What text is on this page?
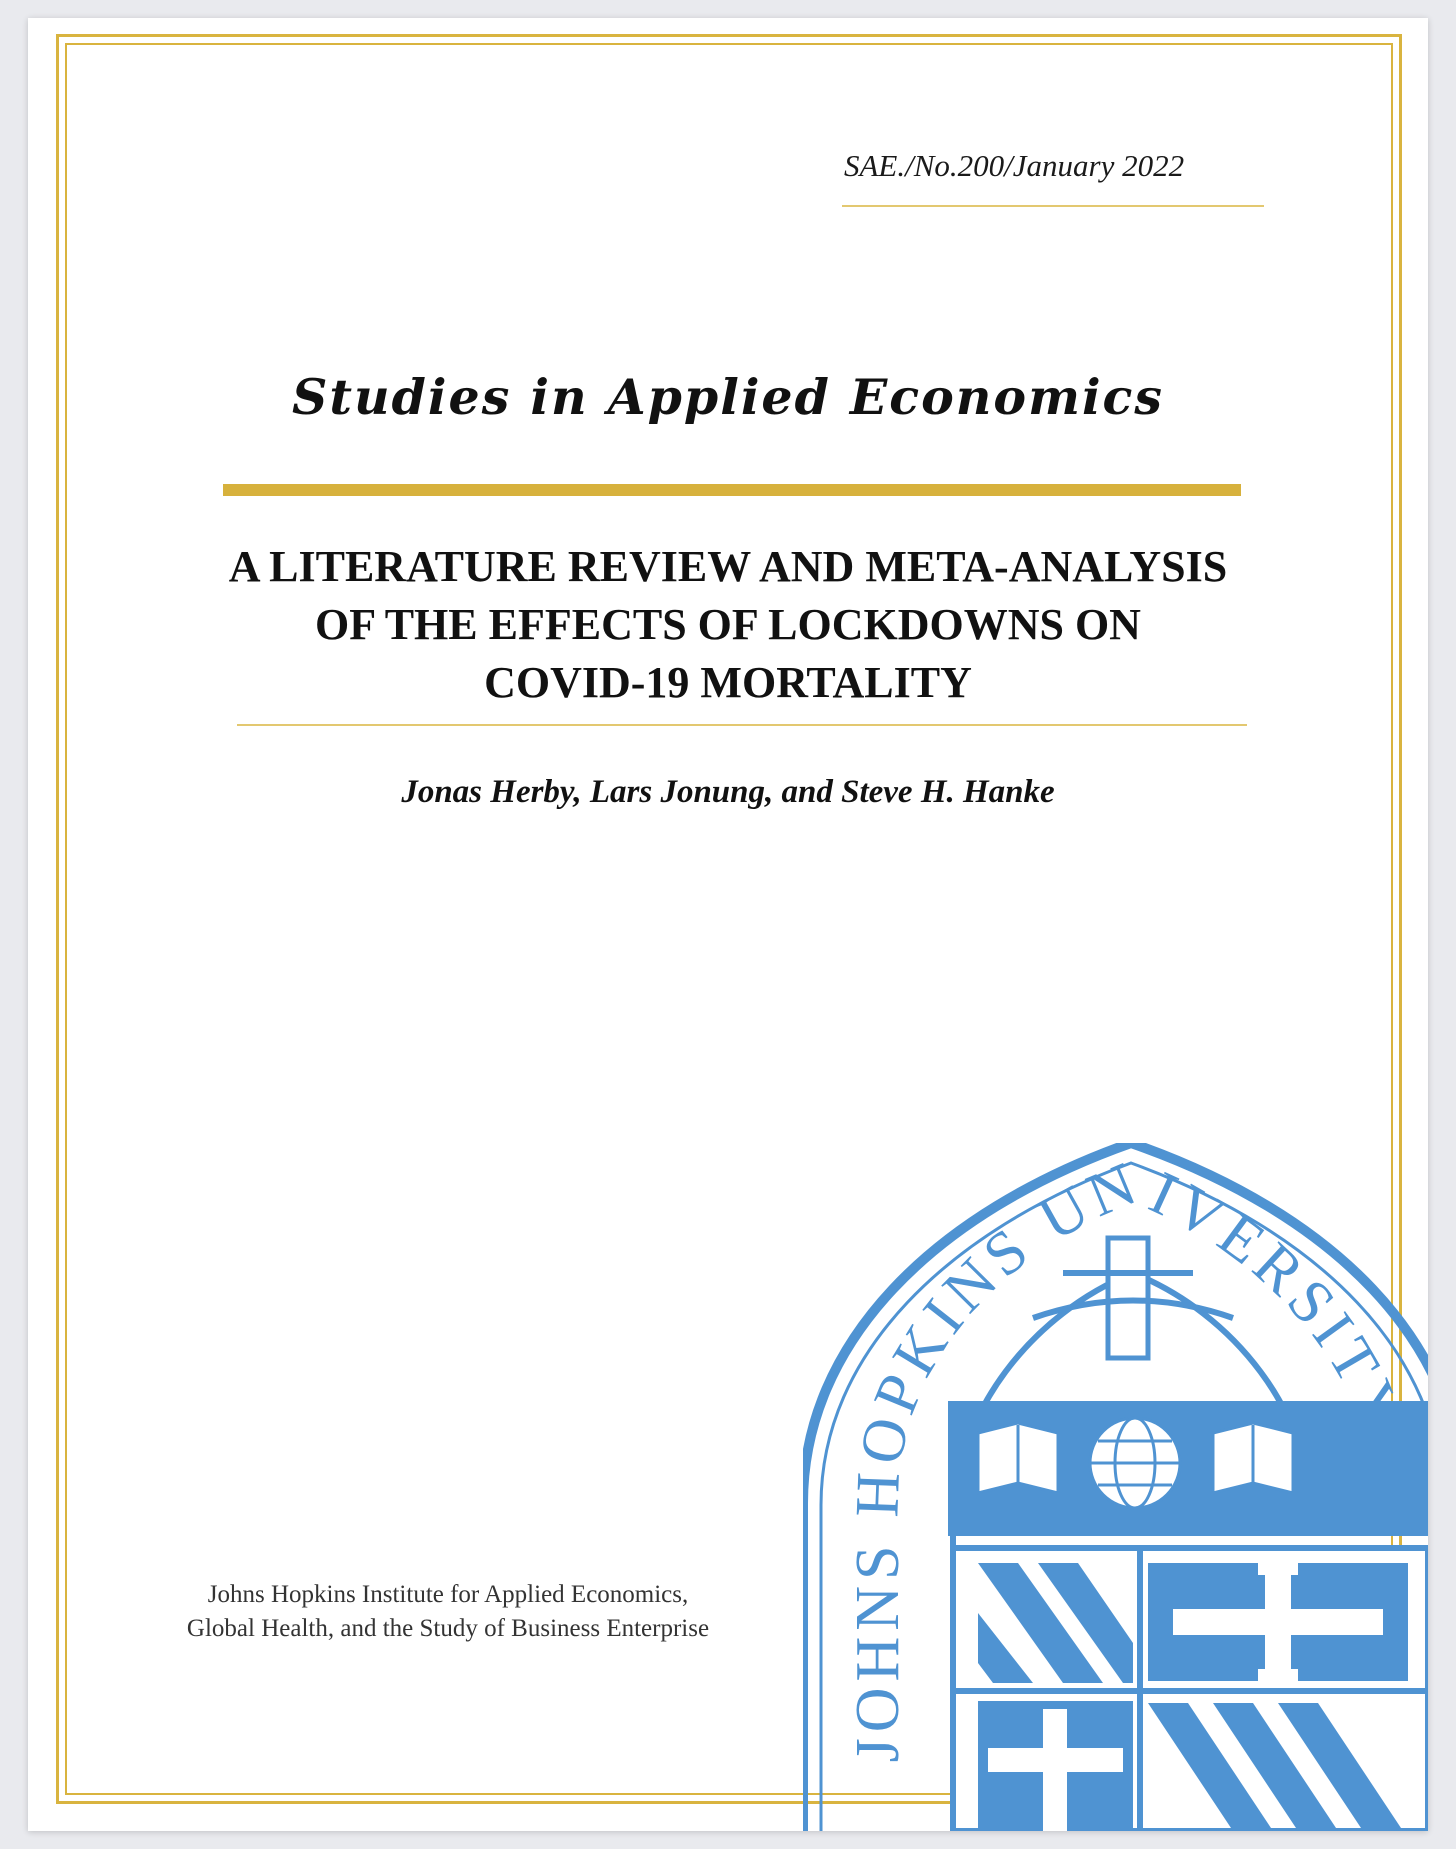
SAE./No.200/January 2022
Studies in Applied Economics
A LITERATURE REVIEW AND META-ANALYSIS
OF THE EFFECTS OF LOCKDOWNS ON
COVID-19 MORTALITY
Jonas Herby, Lars Jonung, and Steve H. Hanke
Johns Hopkins Institute for Applied Economics,
Global Health, and the Study of Business Enterprise
JOHNS HOPKINS UNIVERSIT
